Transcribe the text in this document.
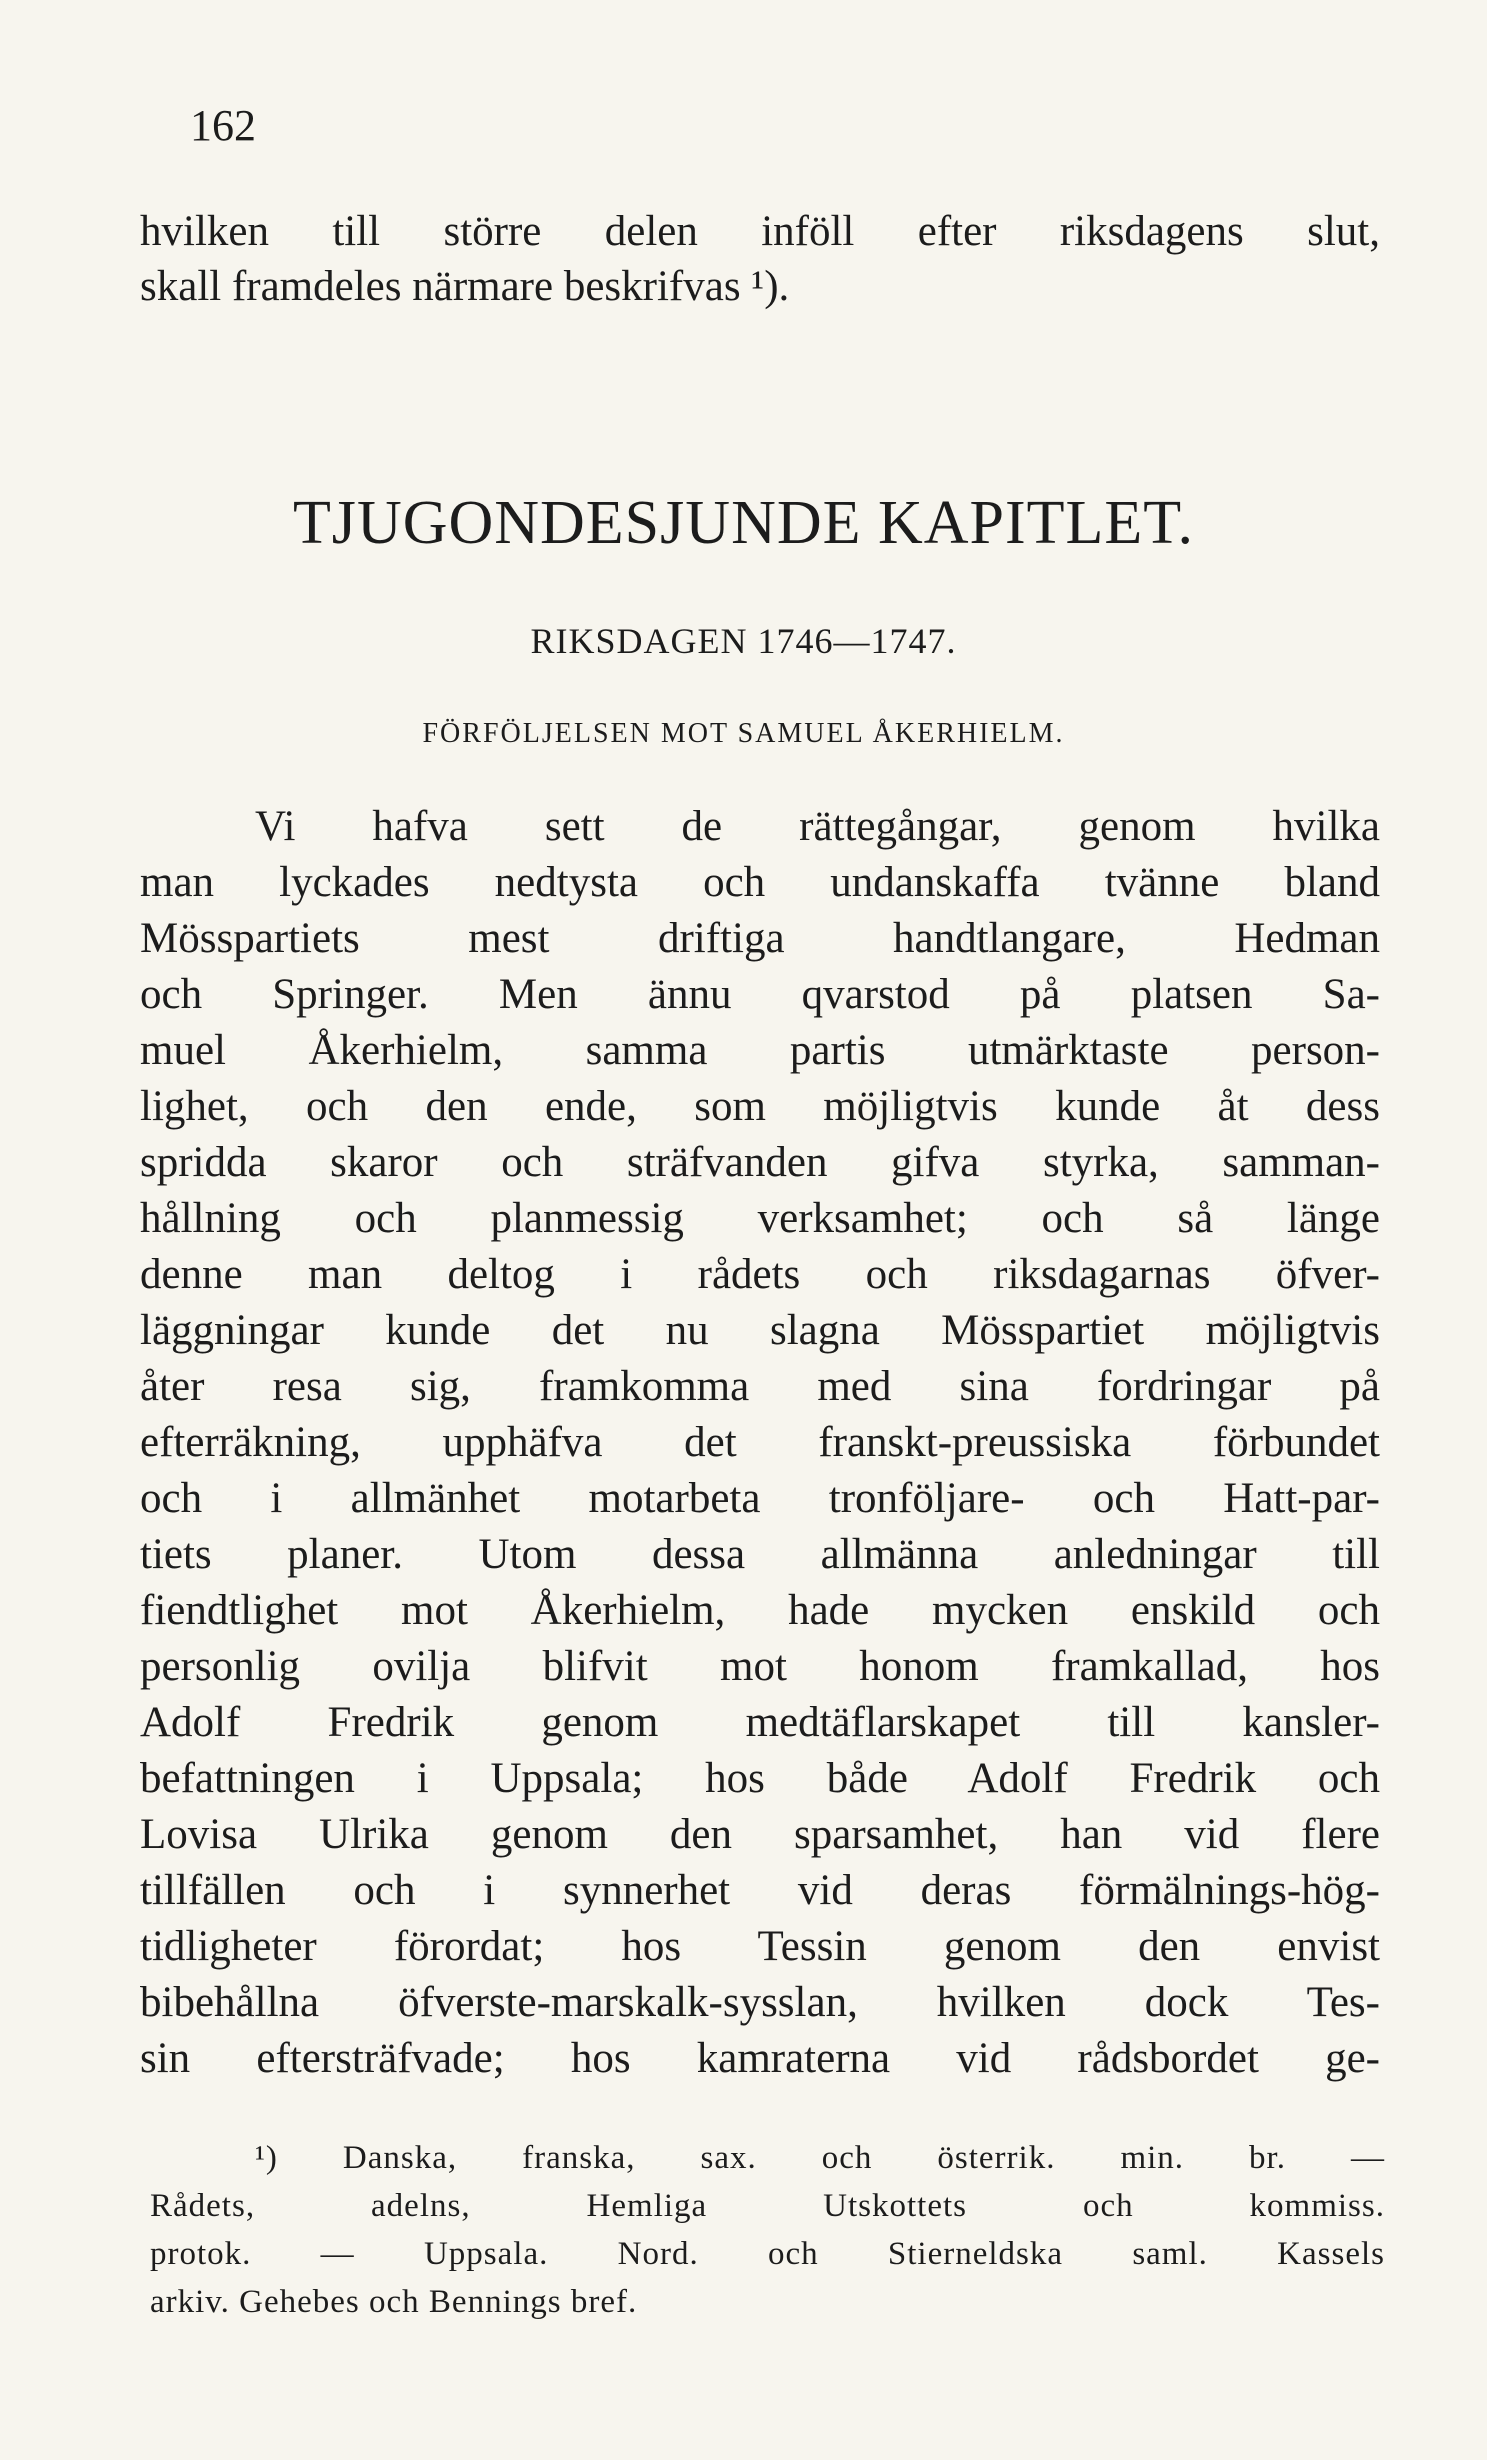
162
hvilken till större delen inföll efter riksdagens slut,
skall framdeles närmare beskrifvas ¹).
TJUGONDESJUNDE KAPITLET.
RIKSDAGEN 1746—1747.
FÖRFÖLJELSEN MOT SAMUEL ÅKERHIELM.
Vi hafva sett de rättegångar, genom hvilka
man lyckades nedtysta och undanskaffa tvänne bland
Mösspartiets mest driftiga handtlangare, Hedman
och Springer. Men ännu qvarstod på platsen Sa-
muel Åkerhielm, samma partis utmärktaste person-
lighet, och den ende, som möjligtvis kunde åt dess
spridda skaror och sträfvanden gifva styrka, samman-
hållning och planmessig verksamhet; och så länge
denne man deltog i rådets och riksdagarnas öfver-
läggningar kunde det nu slagna Mösspartiet möjligtvis
åter resa sig, framkomma med sina fordringar på
efterräkning, upphäfva det franskt-preussiska förbundet
och i allmänhet motarbeta tronföljare- och Hatt-par-
tiets planer. Utom dessa allmänna anledningar till
fiendtlighet mot Åkerhielm, hade mycken enskild och
personlig ovilja blifvit mot honom framkallad, hos
Adolf Fredrik genom medtäflarskapet till kansler-
befattningen i Uppsala; hos både Adolf Fredrik och
Lovisa Ulrika genom den sparsamhet, han vid flere
tillfällen och i synnerhet vid deras förmälnings-hög-
tidligheter förordat; hos Tessin genom den envist
bibehållna öfverste-marskalk-sysslan, hvilken dock Tes-
sin eftersträfvade; hos kamraterna vid rådsbordet ge-
¹) Danska, franska, sax. och österrik. min. br. —
Rådets, adelns, Hemliga Utskottets och kommiss.
protok. — Uppsala. Nord. och Stierneldska saml. Kassels
arkiv. Gehebes och Bennings bref.
